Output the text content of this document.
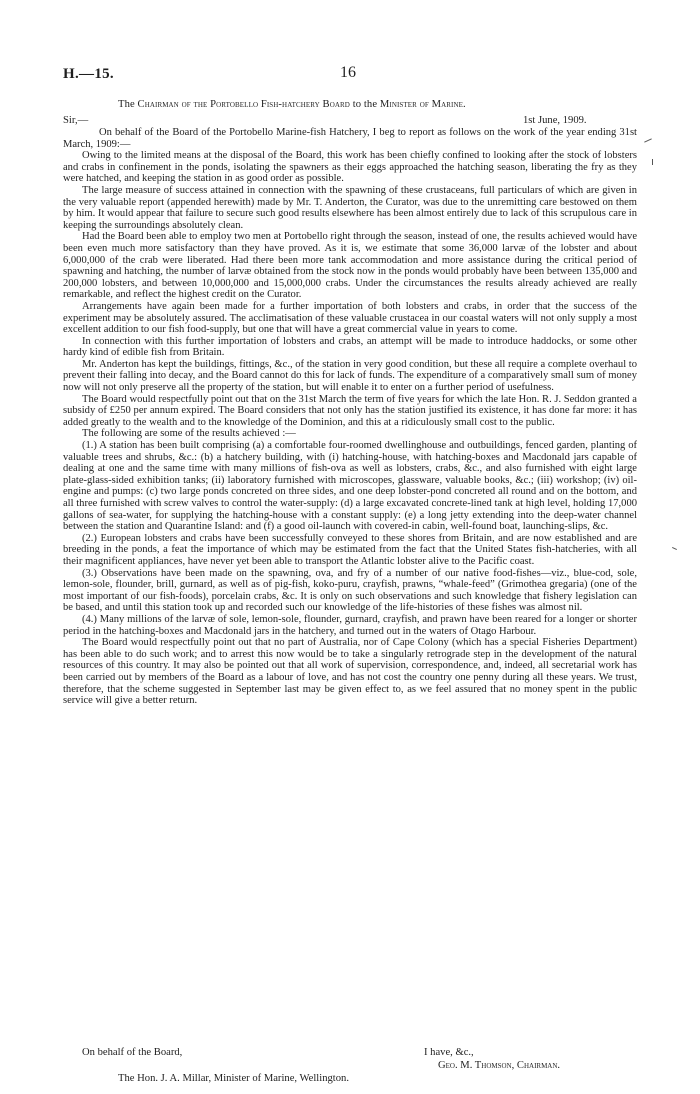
H.—15.	16
The Chairman of the Portobello Fish-hatchery Board to the Minister of Marine.
Sir,—	1st June, 1909.

On behalf of the Board of the Portobello Marine-fish Hatchery, I beg to report as follows on the work of the year ending 31st March, 1909:—

Owing to the limited means at the disposal of the Board, this work has been chiefly confined to looking after the stock of lobsters and crabs in confinement in the ponds, isolating the spawners as their eggs approached the hatching season, liberating the fry as they were hatched, and keeping the station in as good order as possible.

The large measure of success attained in connection with the spawning of these crustaceans, full particulars of which are given in the very valuable report (appended herewith) made by Mr. T. Anderton, the Curator, was due to the unremitting care bestowed on them by him. It would appear that failure to secure such good results elsewhere has been almost entirely due to lack of this scrupulous care in keeping the surroundings absolutely clean.

Had the Board been able to employ two men at Portobello right through the season, instead of one, the results achieved would have been even much more satisfactory than they have proved. As it is, we estimate that some 36,000 larvæ of the lobster and about 6,000,000 of the crab were liberated. Had there been more tank accommodation and more assistance during the critical period of spawning and hatching, the number of larvæ obtained from the stock now in the ponds would probably have been between 135,000 and 200,000 lobsters, and between 10,000,000 and 15,000,000 crabs. Under the circumstances the results already achieved are really remarkable, and reflect the highest credit on the Curator.

Arrangements have again been made for a further importation of both lobsters and crabs, in order that the success of the experiment may be absolutely assured. The acclimatisation of these valuable crustacea in our coastal waters will not only supply a most excellent addition to our fish food-supply, but one that will have a great commercial value in years to come.

In connection with this further importation of lobsters and crabs, an attempt will be made to introduce haddocks, or some other hardy kind of edible fish from Britain.

Mr. Anderton has kept the buildings, fittings, &c., of the station in very good condition, but these all require a complete overhaul to prevent their falling into decay, and the Board cannot do this for lack of funds. The expenditure of a comparatively small sum of money now will not only preserve all the property of the station, but will enable it to enter on a further period of usefulness.

The Board would respectfully point out that on the 31st March the term of five years for which the late Hon. R. J. Seddon granted a subsidy of £250 per annum expired. The Board considers that not only has the station justified its existence, it has done far more: it has added greatly to the wealth and to the knowledge of the Dominion, and this at a ridiculously small cost to the public.

The following are some of the results achieved :—

(1.) A station has been built comprising (a) a comfortable four-roomed dwellinghouse and outbuildings, fenced garden, planting of valuable trees and shrubs, &c.: (b) a hatchery building, with (i) hatching-house, with hatching-boxes and Macdonald jars capable of dealing at one and the same time with many millions of fish-ova as well as lobsters, crabs, &c., and also furnished with eight large plate-glass-sided exhibition tanks; (ii) laboratory furnished with microscopes, glassware, valuable books, &c.; (iii) workshop; (iv) oil-engine and pumps: (c) two large ponds concreted on three sides, and one deep lobster-pond concreted all round and on the bottom, and all three furnished with screw valves to control the water-supply: (d) a large excavated concrete-lined tank at high level, holding 17,000 gallons of sea-water, for supplying the hatching-house with a constant supply: (e) a long jetty extending into the deep-water channel between the station and Quarantine Island: and (f) a good oil-launch with covered-in cabin, well-found boat, launching-slips, &c.

(2.) European lobsters and crabs have been successfully conveyed to these shores from Britain, and are now established and are breeding in the ponds, a feat the importance of which may be estimated from the fact that the United States fish-hatcheries, with all their magnificent appliances, have never yet been able to transport the Atlantic lobster alive to the Pacific coast.

(3.) Observations have been made on the spawning, ova, and fry of a number of our native food-fishes—viz., blue-cod, sole, lemon-sole, flounder, brill, gurnard, as well as of pig-fish, koko-puru, crayfish, prawns, “whale-feed” (Grimothea gregaria) (one of the most important of our fish-foods), porcelain crabs, &c. It is only on such observations and such knowledge that fishery legislation can be based, and until this station took up and recorded such our knowledge of the life-histories of these fishes was almost nil.

(4.) Many millions of the larvæ of sole, lemon-sole, flounder, gurnard, crayfish, and prawn have been reared for a longer or shorter period in the hatching-boxes and Macdonald jars in the hatchery, and turned out in the waters of Otago Harbour.

The Board would respectfully point out that no part of Australia, nor of Cape Colony (which has a special Fisheries Department) has been able to do such work; and to arrest this now would be to take a singularly retrograde step in the development of the natural resources of this country. It may also be pointed out that all work of supervision, correspondence, and, indeed, all secretarial work has been carried out by members of the Board as a labour of love, and has not cost the country one penny during all these years. We trust, therefore, that the scheme suggested in September last may be given effect to, as we feel assured that no money spent in the public service will give a better return.

On behalf of the Board,	I have, &c.,
Geo. M. Thomson, Chairman.
The Hon. J. A. Millar, Minister of Marine, Wellington.
